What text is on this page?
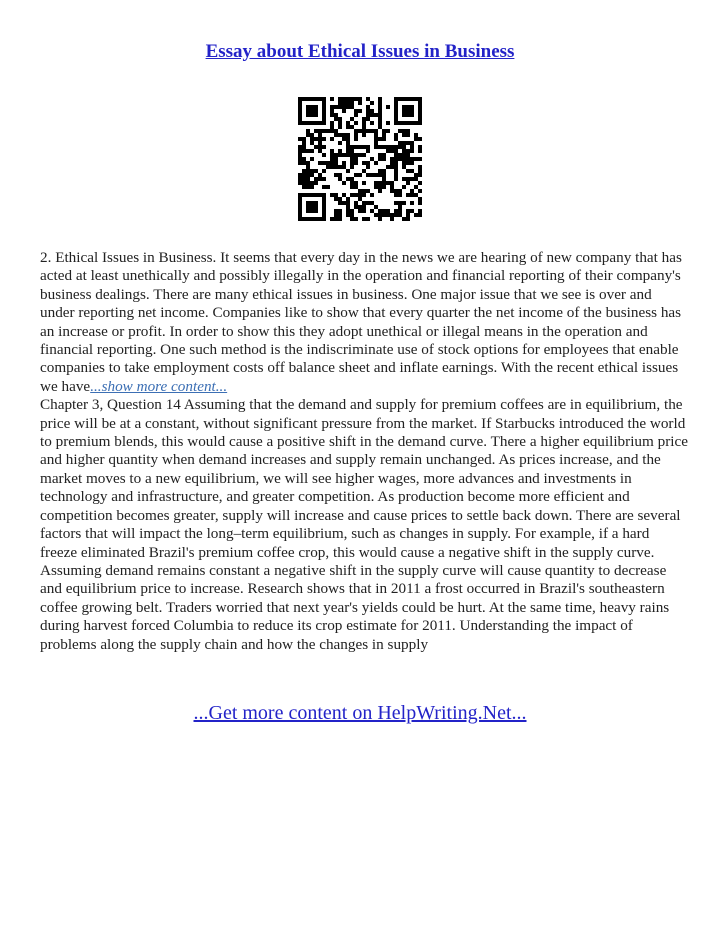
Essay about Ethical Issues in Business

2. Ethical Issues in Business. It seems that every day in the news we are hearing of new company that has acted at least unethically and possibly illegally in the operation and financial reporting of their company's business dealings. There are many ethical issues in business. One major issue that we see is over and under reporting net income. Companies like to show that every quarter the net income of the business has an increase or profit. In order to show this they adopt unethical or illegal means in the operation and financial reporting. One such method is the indiscriminate use of stock options for employees that enable companies to take employment costs off balance sheet and inflate earnings. With the recent ethical issues we have...show more content...

Chapter 3, Question 14 Assuming that the demand and supply for premium coffees are in equilibrium, the price will be at a constant, without significant pressure from the market. If Starbucks introduced the world to premium blends, this would cause a positive shift in the demand curve. There a higher equilibrium price and higher quantity when demand increases and supply remain unchanged. As prices increase, and the market moves to a new equilibrium, we will see higher wages, more advances and investments in technology and infrastructure, and greater competition. As production become more efficient and competition becomes greater, supply will increase and cause prices to settle back down. There are several factors that will impact the long–term equilibrium, such as changes in supply. For example, if a hard freeze eliminated Brazil's premium coffee crop, this would cause a negative shift in the supply curve. Assuming demand remains constant a negative shift in the supply curve will cause quantity to decrease and equilibrium price to increase. Research shows that in 2011 a frost occurred in Brazil's southeastern coffee growing belt. Traders worried that next year's yields could be hurt. At the same time, heavy rains during harvest forced Columbia to reduce its crop estimate for 2011. Understanding the impact of problems along the supply chain and how the changes in supply

...Get more content on HelpWriting.Net...
